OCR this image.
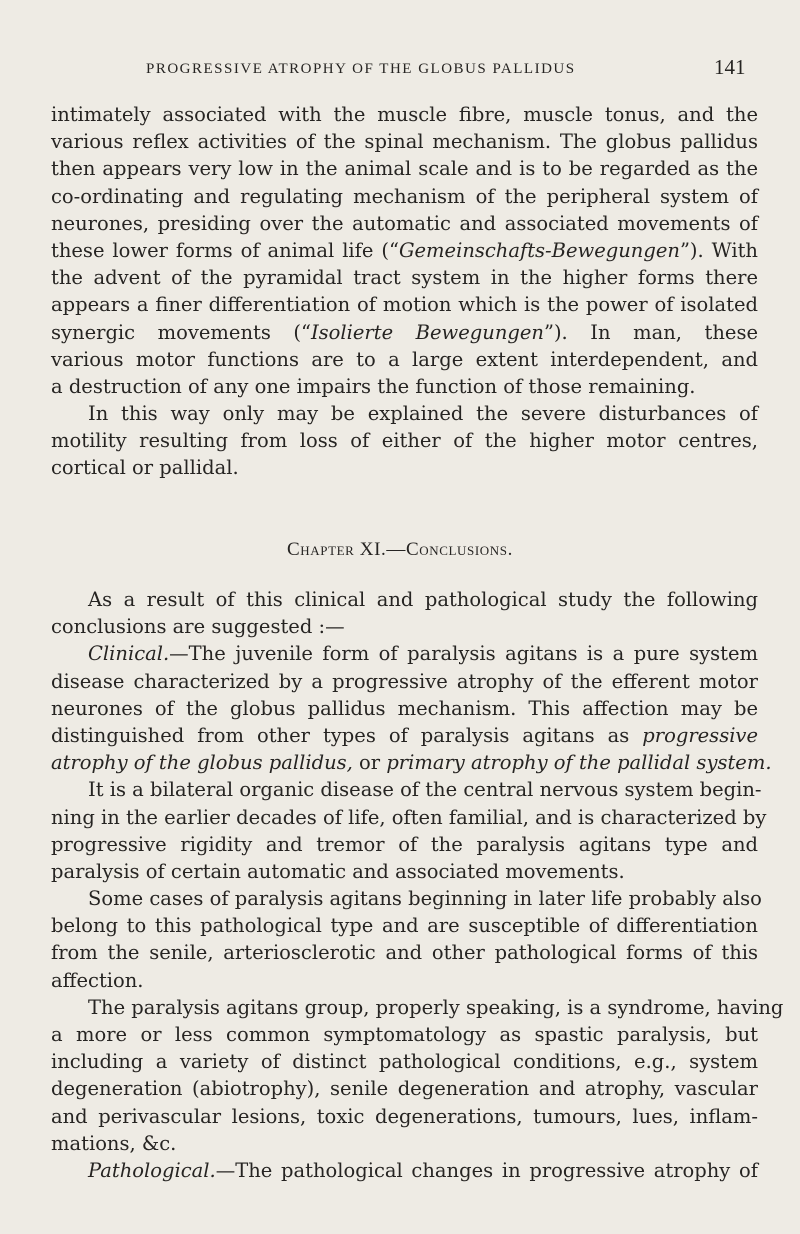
PROGRESSIVE ATROPHY OF THE GLOBUS PALLIDUS	141
intimately associated with the muscle fibre, muscle tonus, and the
various reflex activities of the spinal mechanism. The globus pallidus
then appears very low in the animal scale and is to be regarded as the
co-ordinating and regulating mechanism of the peripheral system of
neurones, presiding over the automatic and associated movements of
these lower forms of animal life (“Gemeinschafts-Bewegungen”). With
the advent of the pyramidal tract system in the higher forms there
appears a finer differentiation of motion which is the power of isolated
synergic movements (“Isolierte Bewegungen”). In man, these
various motor functions are to a large extent interdependent, and
a destruction of any one impairs the function of those remaining.
In this way only may be explained the severe disturbances of
motility resulting from loss of either of the higher motor centres,
cortical or pallidal.
Chapter XI.—Conclusions.
As a result of this clinical and pathological study the following
conclusions are suggested :—
Clinical.—The juvenile form of paralysis agitans is a pure system
disease characterized by a progressive atrophy of the efferent motor
neurones of the globus pallidus mechanism. This affection may be
distinguished from other types of paralysis agitans as progressive
atrophy of the globus pallidus, or primary atrophy of the pallidal system.
It is a bilateral organic disease of the central nervous system begin-
ning in the earlier decades of life, often familial, and is characterized by
progressive rigidity and tremor of the paralysis agitans type and
paralysis of certain automatic and associated movements.
Some cases of paralysis agitans beginning in later life probably also
belong to this pathological type and are susceptible of differentiation
from the senile, arteriosclerotic and other pathological forms of this
affection.
The paralysis agitans group, properly speaking, is a syndrome, having
a more or less common symptomatology as spastic paralysis, but
including a variety of distinct pathological conditions, e.g., system
degeneration (abiotrophy), senile degeneration and atrophy, vascular
and perivascular lesions, toxic degenerations, tumours, lues, inflam-
mations, &c.
Pathological.—The pathological changes in progressive atrophy of
